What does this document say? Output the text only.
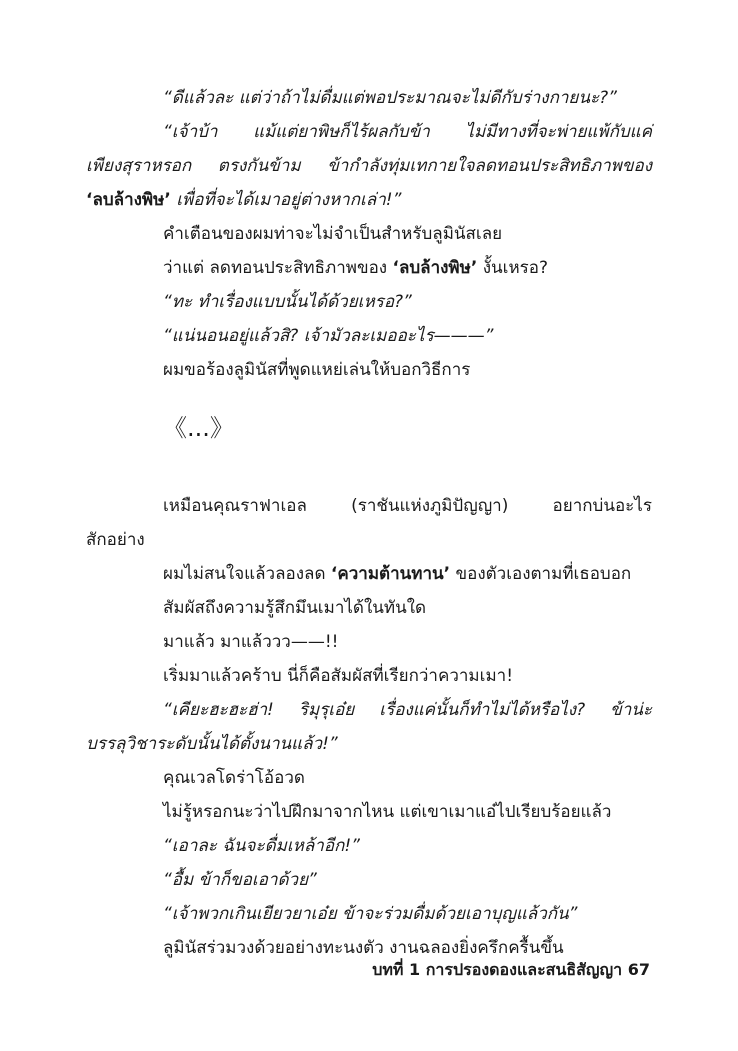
“ดีแล้วละ แต่ว่าถ้าไม่ดื่มแต่พอประมาณจะไม่ดีกับร่างกายนะ?”
“เจ้าบ้า แม้แต่ยาพิษก็ไร้ผลกับข้า ไม่มีทางที่จะพ่ายแพ้กับแค่
เพียงสุราหรอก ตรงกันข้าม ข้ากำลังทุ่มเทกายใจลดทอนประสิทธิภาพของ
‘ลบล้างพิษ’ เพื่อที่จะได้เมาอยู่ต่างหากเล่า!”
คำเตือนของผมท่าจะไม่จำเป็นสำหรับลูมินัสเลย
ว่าแต่ ลดทอนประสิทธิภาพของ ‘ลบล้างพิษ’ งั้นเหรอ?
“ทะ ทำเรื่องแบบนั้นได้ด้วยเหรอ?”
“แน่นอนอยู่แล้วสิ? เจ้ามัวละเมออะไร———”
ผมขอร้องลูมินัสที่พูดแหย่เล่นให้บอกวิธีการ
《...》
เหมือนคุณราฟาเอล (ราชันแห่งภูมิปัญญา) อยากบ่นอะไร
สักอย่าง
ผมไม่สนใจแล้วลองลด ‘ความต้านทาน’ ของตัวเองตามที่เธอบอก
สัมผัสถึงความรู้สึกมึนเมาได้ในทันใด
มาแล้ว มาแล้ววว——!!
เริ่มมาแล้วคร้าบ นี่ก็คือสัมผัสที่เรียกว่าความเมา!
“เคียะฮะฮะฮ่า! ริมุรุเอ๋ย เรื่องแค่นั้นก็ทำไม่ได้หรือไง? ข้าน่ะ
บรรลุวิชาระดับนั้นได้ตั้งนานแล้ว!”
คุณเวลโดร่าโอ้อวด
ไม่รู้หรอกนะว่าไปฝึกมาจากไหน แต่เขาเมาแอ๋ไปเรียบร้อยแล้ว
“เอาละ ฉันจะดื่มเหล้าอีก!”
“อื้ม ข้าก็ขอเอาด้วย”
“เจ้าพวกเกินเยียวยาเอ๋ย ข้าจะร่วมดื่มด้วยเอาบุญแล้วกัน”
ลูมินัสร่วมวงด้วยอย่างทะนงตัว งานฉลองยิ่งครึกครื้นขึ้น
บทที่ 1 การปรองดองและสนธิสัญญา 67
